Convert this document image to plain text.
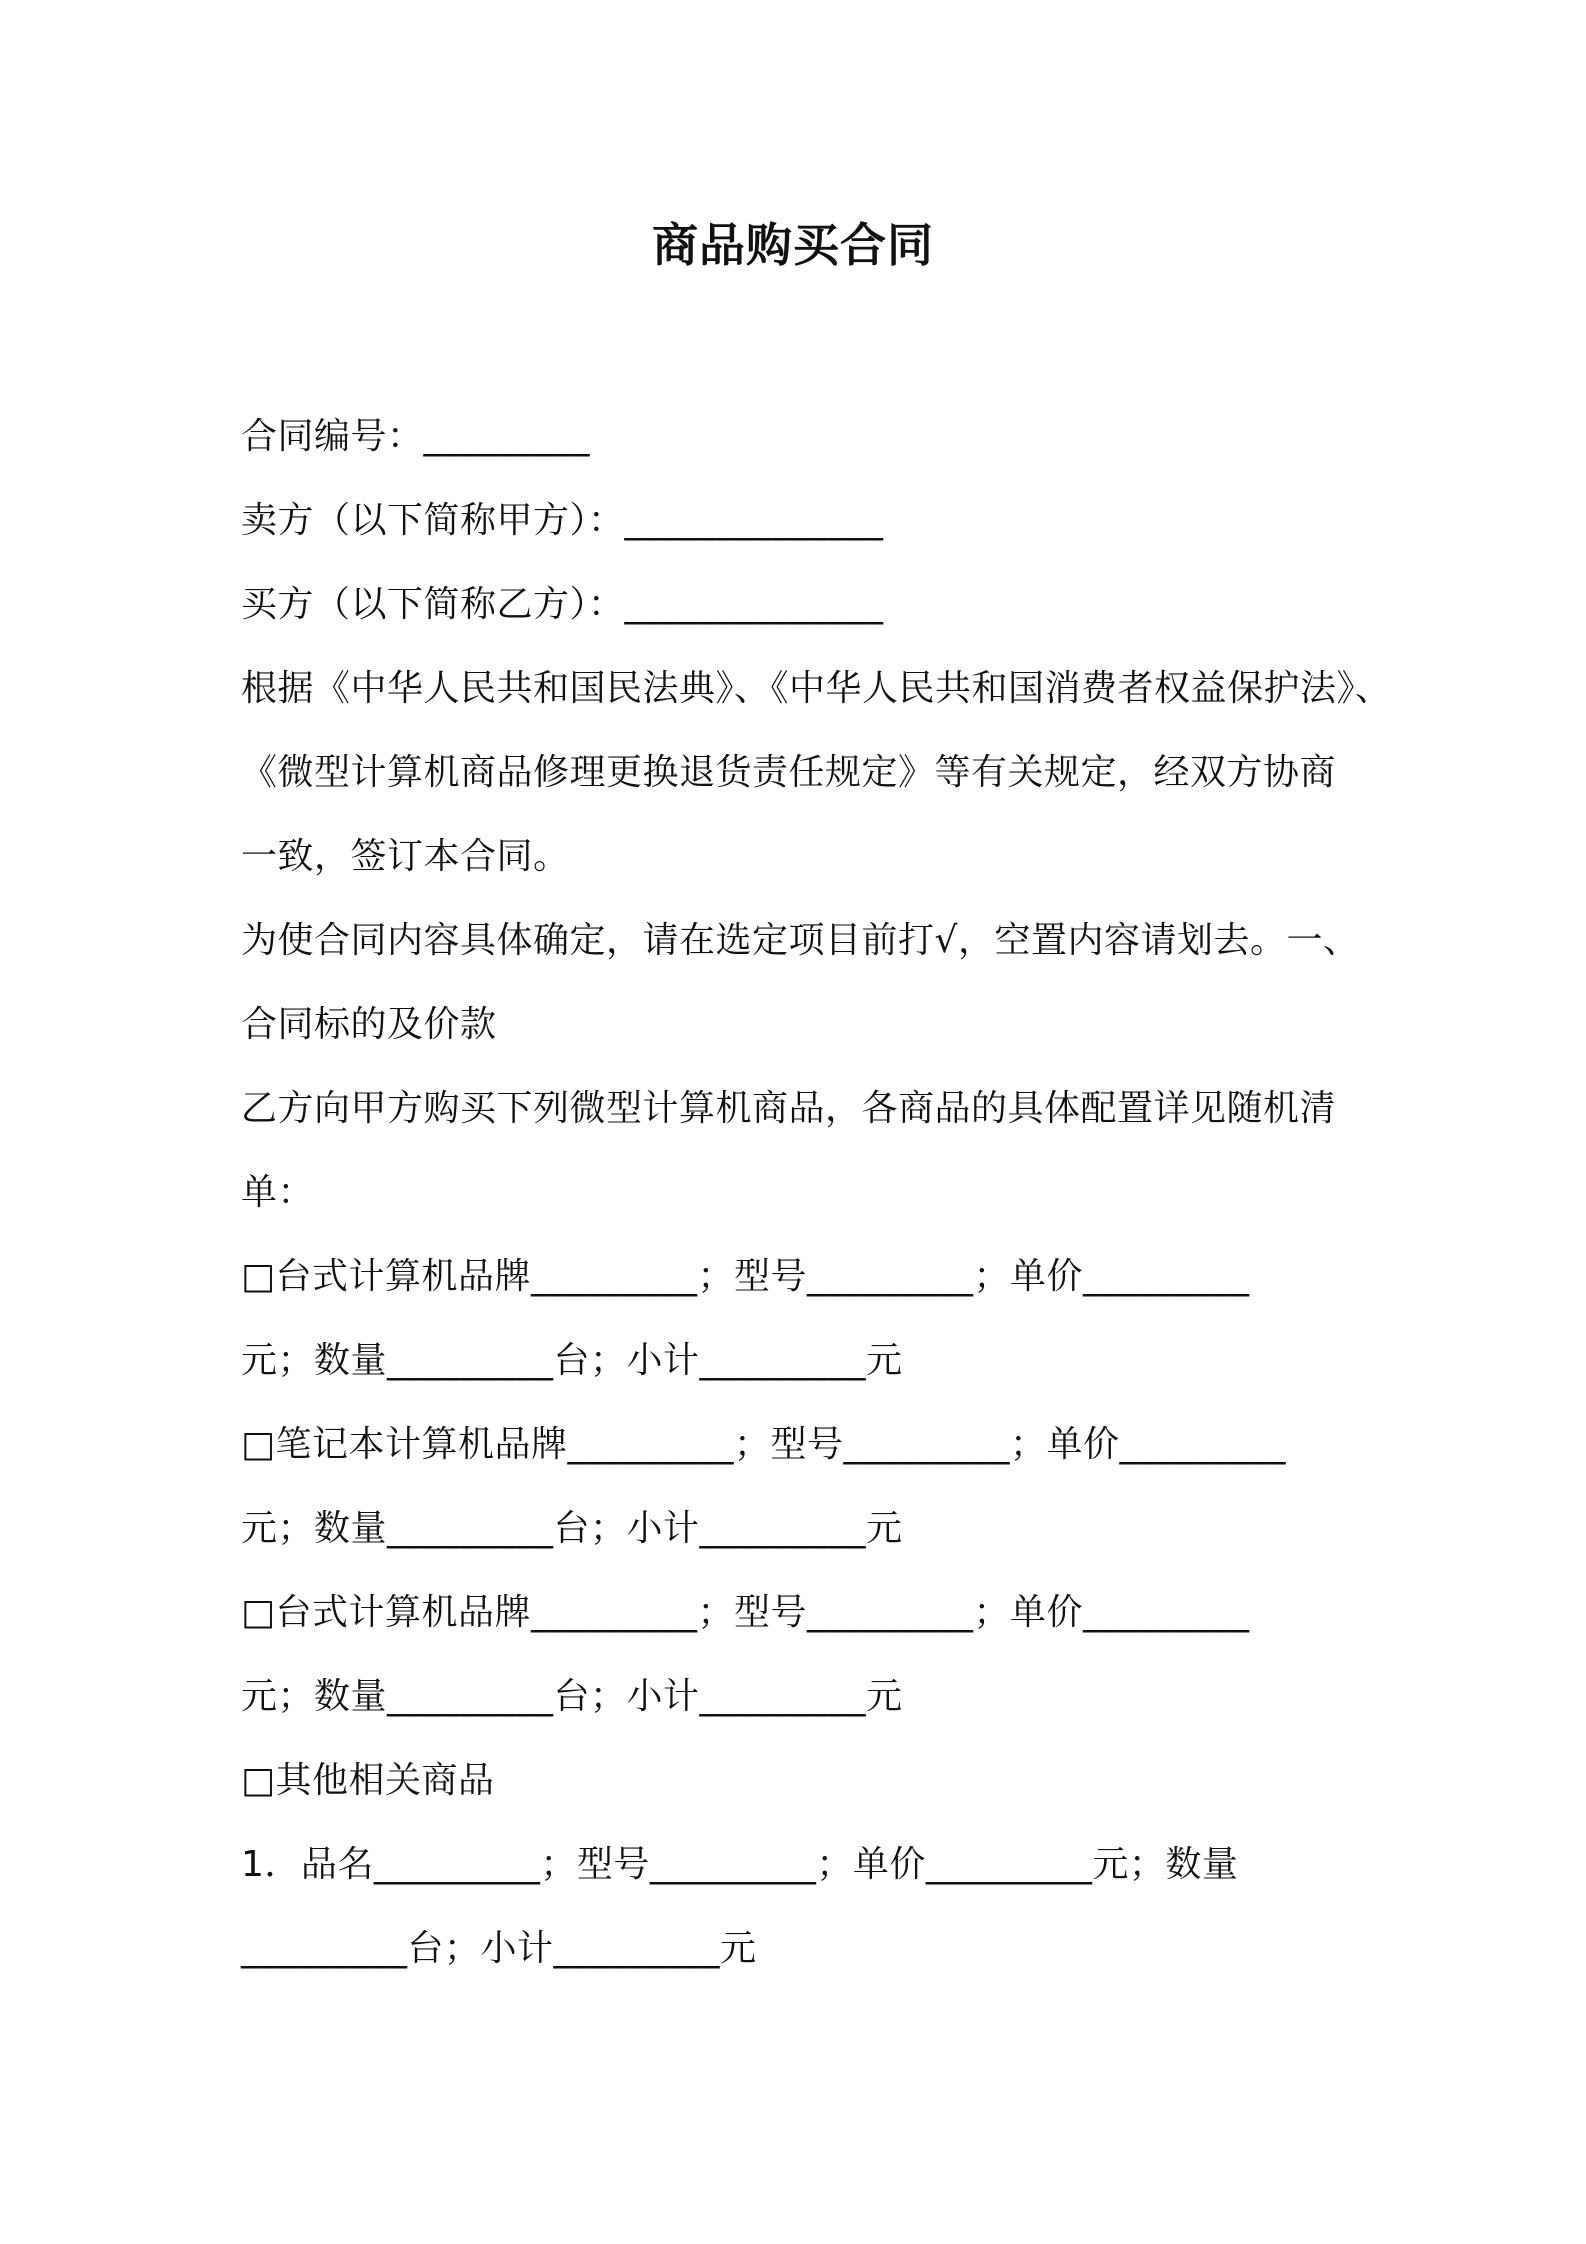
商品购买合同
合同编号：_________
卖方（以下简称甲方）：______________
买方（以下简称乙方）：______________
根据《中华人民共和国民法典》、《中华人民共和国消费者权益保护法》、
《微型计算机商品修理更换退货责任规定》等有关规定，经双方协商
一致，签订本合同。
为使合同内容具体确定，请在选定项目前打√，空置内容请划去。一、
合同标的及价款
乙方向甲方购买下列微型计算机商品，各商品的具体配置详见随机清
单：
□台式计算机品牌_________；型号_________；单价_________
元；数量_________台；小计_________元
□笔记本计算机品牌_________；型号_________；单价_________
元；数量_________台；小计_________元
□台式计算机品牌_________；型号_________；单价_________
元；数量_________台；小计_________元
□其他相关商品
1．品名_________；型号_________；单价_________元；数量
_________台；小计_________元
